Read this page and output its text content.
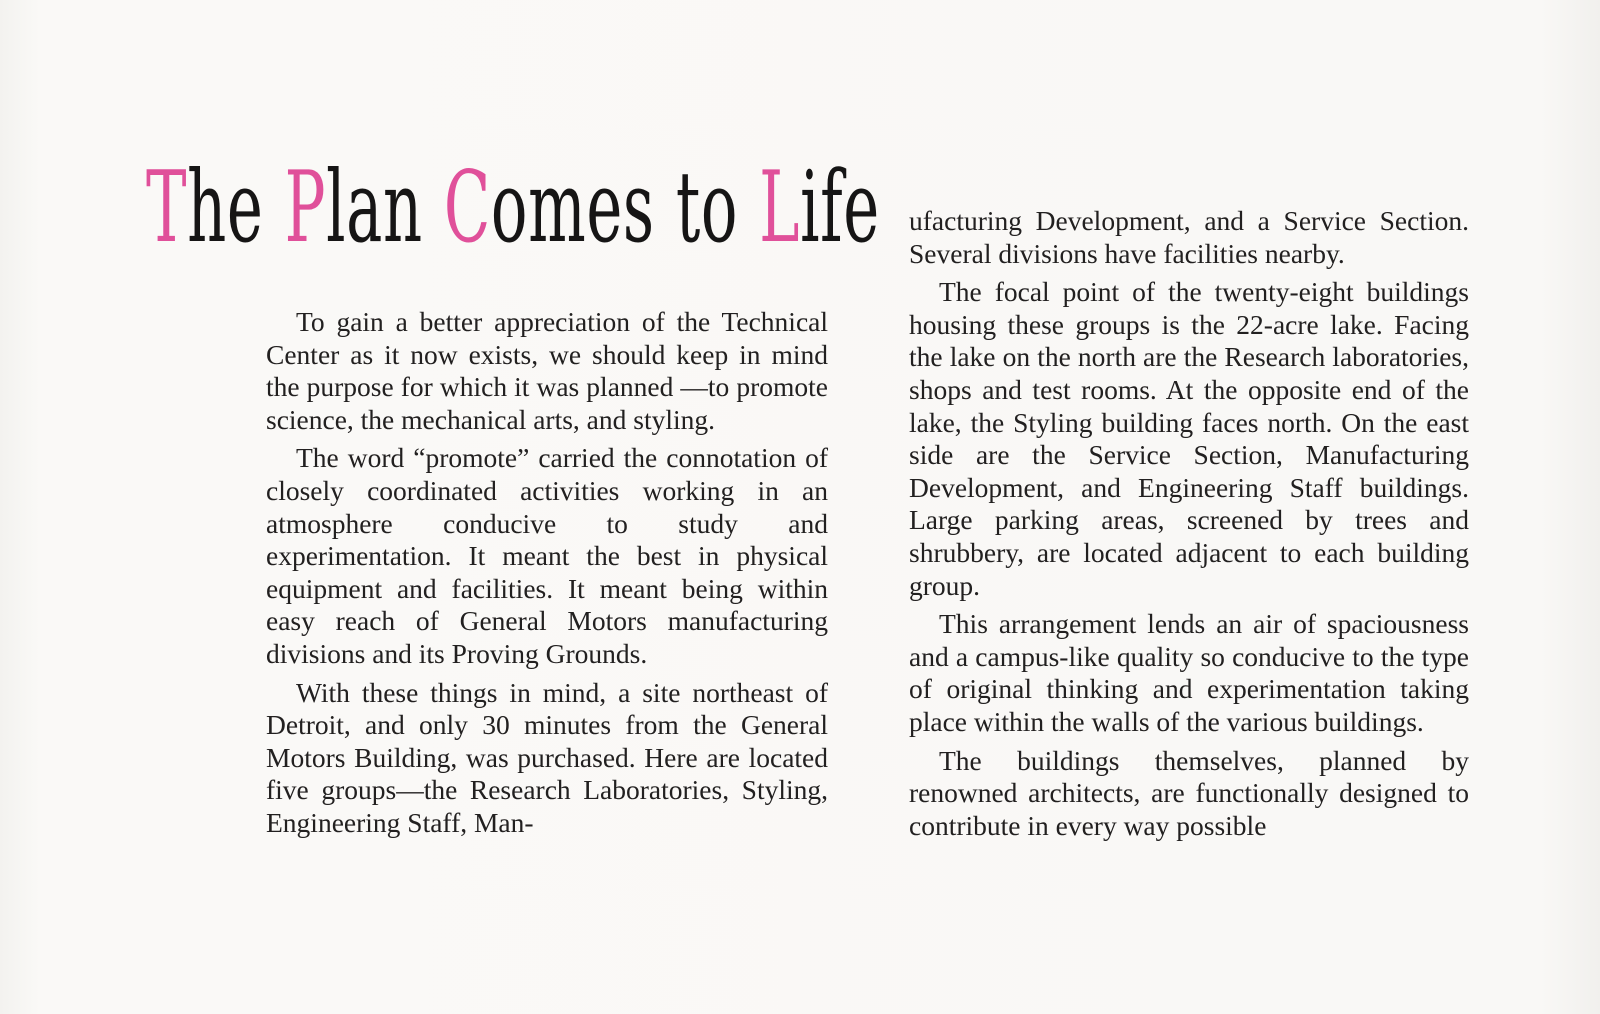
The Plan Comes to Life

To gain a better appreciation of the Technical Center as it now exists, we should keep in mind the purpose for which it was planned —to promote science, the mechanical arts, and styling.

The word “promote” carried the connotation of closely coordinated activities working in an atmosphere conducive to study and experimentation. It meant the best in physical equipment and facilities. It meant being within easy reach of General Motors manufacturing divisions and its Proving Grounds.

With these things in mind, a site northeast of Detroit, and only 30 minutes from the General Motors Building, was purchased. Here are located five groups—the Research Laboratories, Styling, Engineering Staff, Man-

ufacturing Development, and a Service Section. Several divisions have facilities nearby.

The focal point of the twenty-eight buildings housing these groups is the 22-acre lake. Facing the lake on the north are the Research laboratories, shops and test rooms. At the opposite end of the lake, the Styling building faces north. On the east side are the Service Section, Manufacturing Development, and Engineering Staff buildings. Large parking areas, screened by trees and shrubbery, are located adjacent to each building group.

This arrangement lends an air of spaciousness and a campus-like quality so conducive to the type of original thinking and experimentation taking place within the walls of the various buildings.

The buildings themselves, planned by renowned architects, are functionally designed to contribute in every way possible
